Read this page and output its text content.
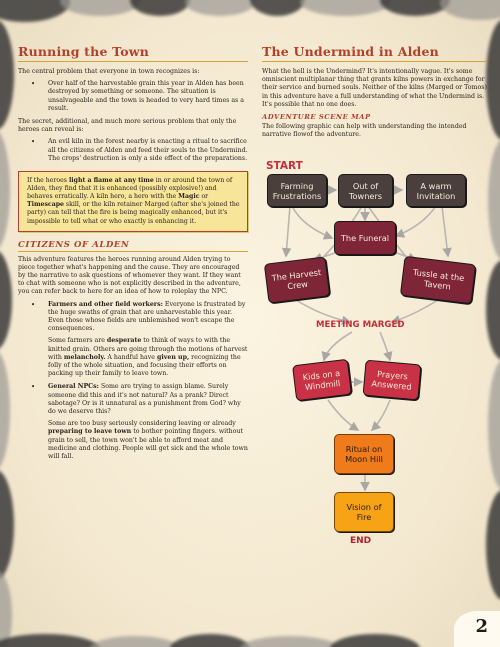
Running the Town

The central problem that everyone in town recognizes is:

• Over half of the harvestable grain this year in Alden has been destroyed by something or someone. The situation is unsalvageable and the town is headed to very hard times as a result.

The secret, additional, and much more serious problem that only the heroes can reveal is:

• An evil kiln in the forest nearby is enacting a ritual to sacrifice all the citizens of Alden and feed their souls to the Undermind. The crops' destruction is only a side effect of the preparations.

If the heroes light a flame at any time in or around the town of Alden, they find that it is enhanced (possibly explosive!) and behaves erratically. A kiln hero, a hero with the Magic or Timescape skill, or the kiln retainer Marged (after she's joined the party) can tell that the fire is being magically enhanced, but it's impossible to tell what or who exactly is enhancing it.

CITIZENS OF ALDEN

This adventure features the heroes running around Alden trying to piece together what's happening and the cause. They are encouraged by the narrative to ask questions of whomever they want. If they want to chat with someone who is not explicitly described in the adventure, you can refer back to here for an idea of how to roleplay the NPC.

• Farmers and other field workers: Everyone is frustrated by the huge swaths of grain that are unharvestable this year. Even those whose fields are unblemished won't escape the consequences.

Some farmers are desperate to think of ways to with the knitted grain. Others are going through the motions of harvest with melancholy. A handful have given up, recognizing the folly of the whole situation, and focusing their efforts on packing up their family to leave town.

• General NPCs: Some are trying to assign blame. Surely someone did this and it's not natural? As a prank? Direct sabotage? Or is it unnatural as a punishment from God? why do we deserve this?

Some are too busy seriously considering leaving or already preparing to leave town to bother pointing fingers. without grain to sell, the town won't be able to afford meat and medicine and clothing. People will get sick and the whole town will fall.

The Undermind in Alden

What the hell is the Undermind? It's intentionally vague. It's some omniscient multiplanar thing that grants kilns powers in exchange for their service and burned souls. Neither of the kilns (Marged or Tomos) in this adventure have a full understanding of what the Undermind is. It's possible that no one does.

ADVENTURE SCENE MAP

The following graphic can help with understanding the intended narrative flowof the adventure.

START
Farming
Frustrations
Out of
Towners
A warm
Invitation
The Funeral
The Harvest
Crew
Tussle at the
Tavern
MEETING MARGED
Kids on a
Windmill
Prayers
Answered
Ritual on
Moon Hill
Vision of
Fire
END
2
